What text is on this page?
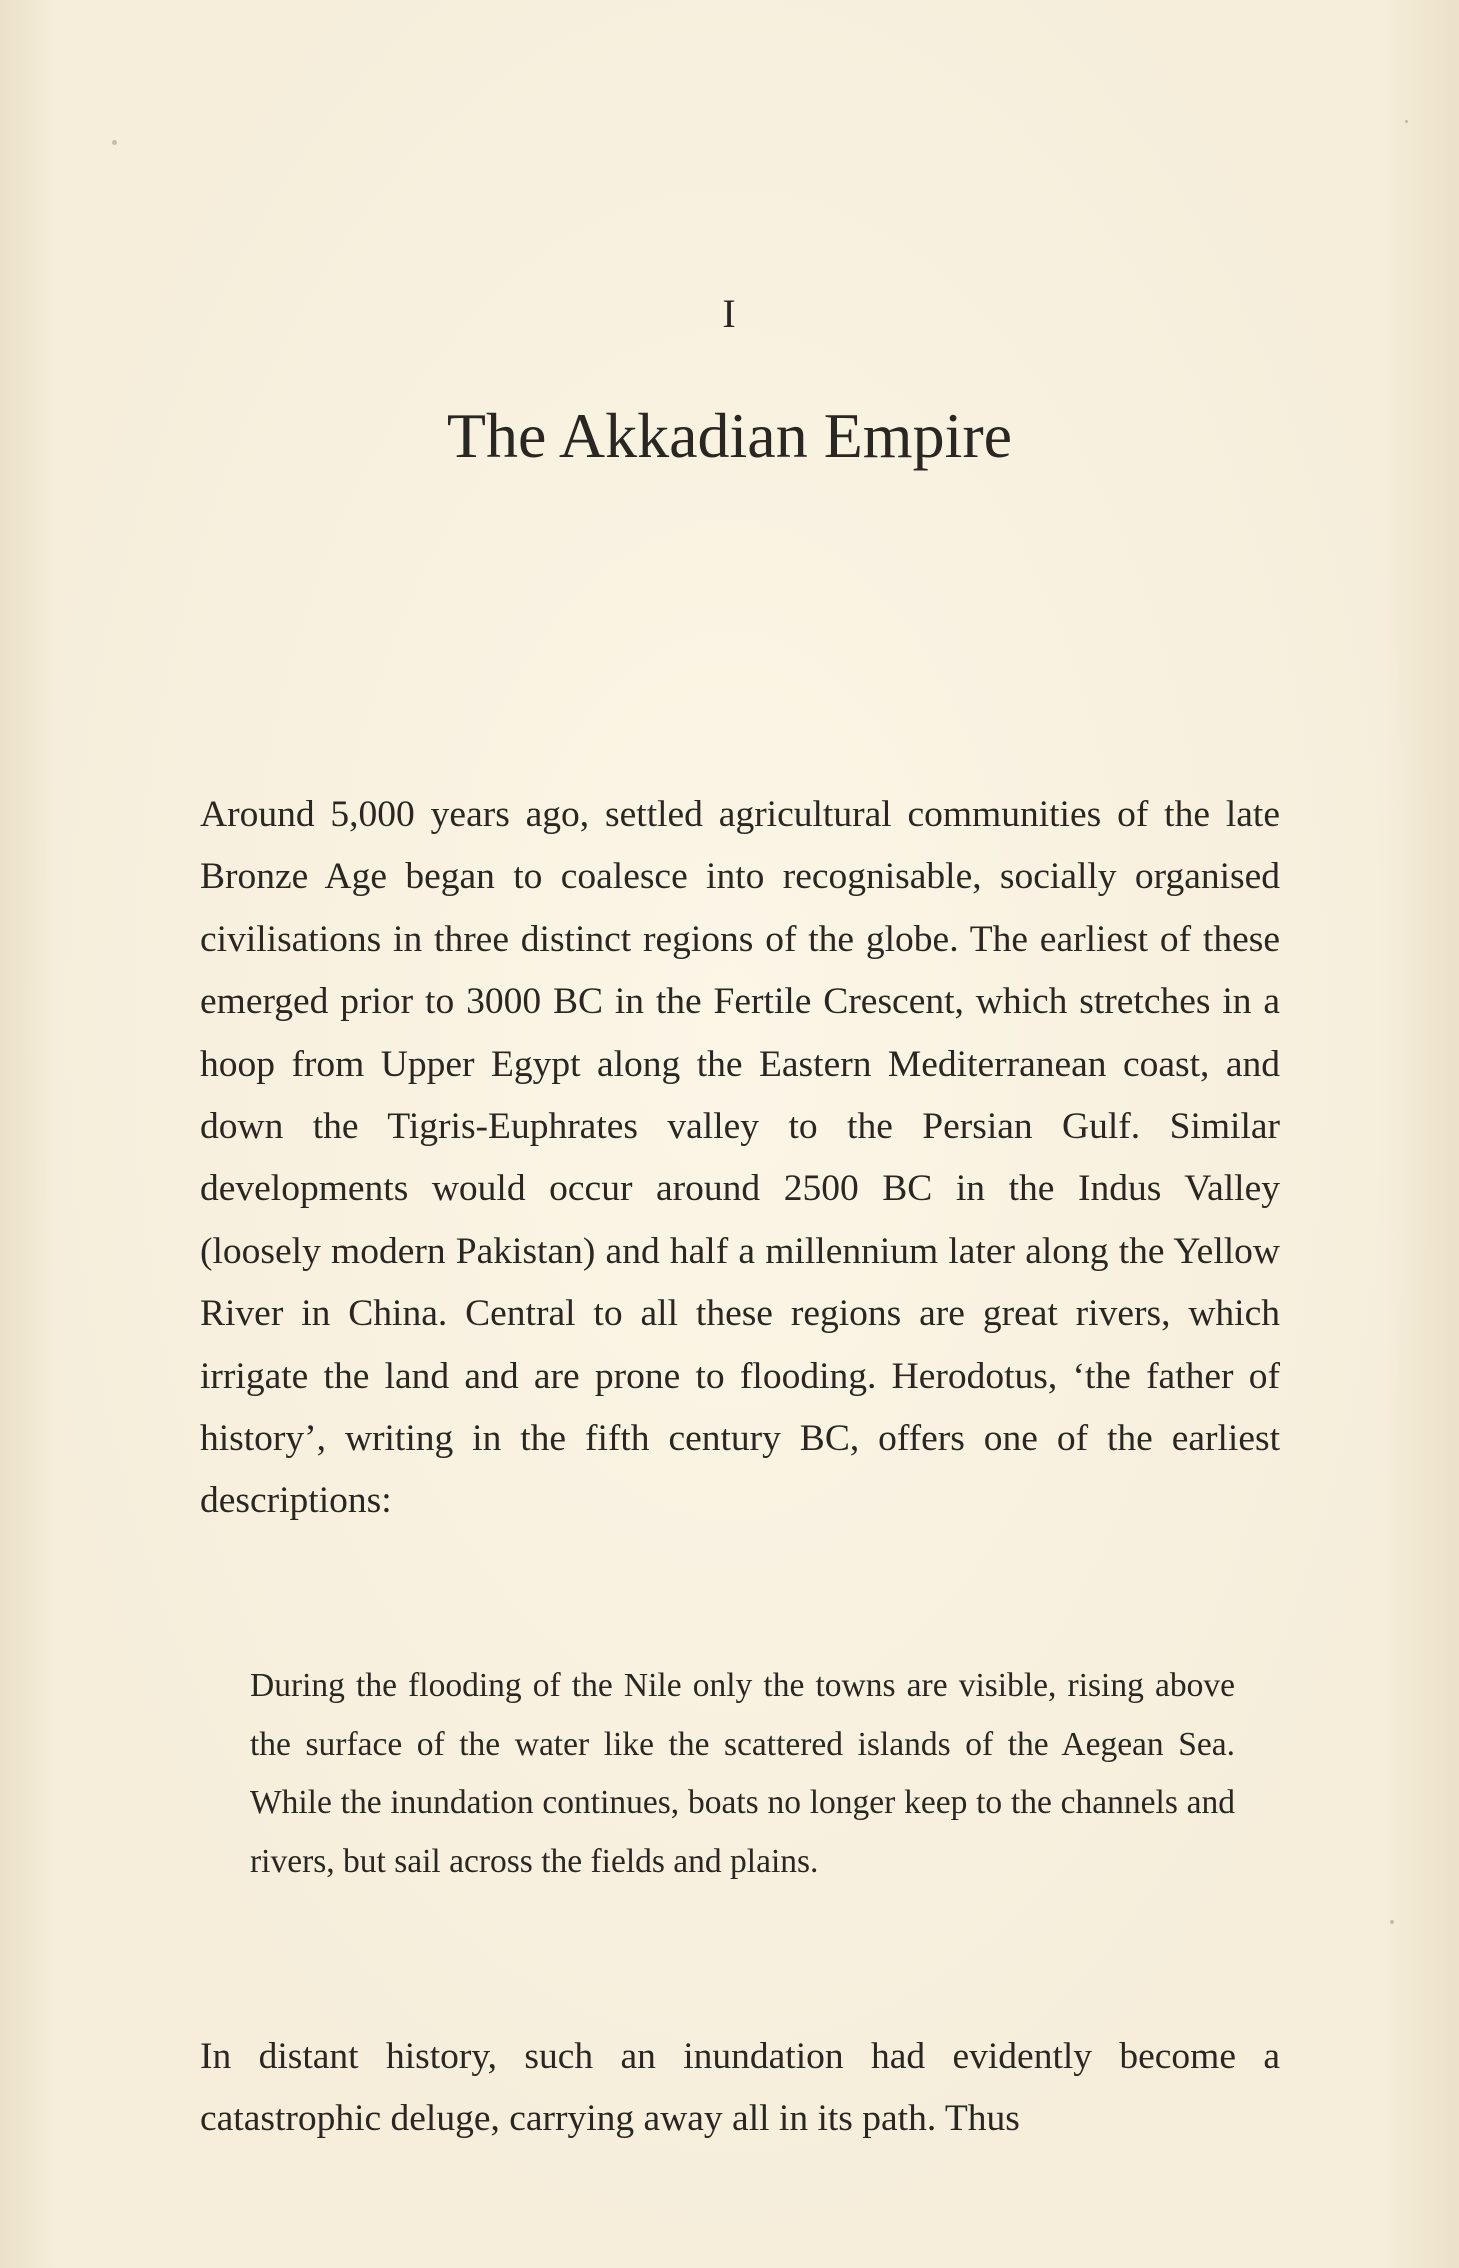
I
The Akkadian Empire

Around 5,000 years ago, settled agricultural communities of the late Bronze Age began to coalesce into recognisable, socially organised civilisations in three distinct regions of the globe. The earliest of these emerged prior to 3000 BC in the Fertile Crescent, which stretches in a hoop from Upper Egypt along the Eastern Mediterranean coast, and down the Tigris-Euphrates valley to the Persian Gulf. Similar developments would occur around 2500 BC in the Indus Valley (loosely modern Pakistan) and half a millennium later along the Yellow River in China. Central to all these regions are great rivers, which irrigate the land and are prone to flooding. Herodotus, ‘the father of history’, writing in the fifth century BC, offers one of the earliest descriptions:

During the flooding of the Nile only the towns are visible, rising above the surface of the water like the scattered islands of the Aegean Sea. While the inundation continues, boats no longer keep to the channels and rivers, but sail across the fields and plains.

In distant history, such an inundation had evidently become a catastrophic deluge, carrying away all in its path. Thus
